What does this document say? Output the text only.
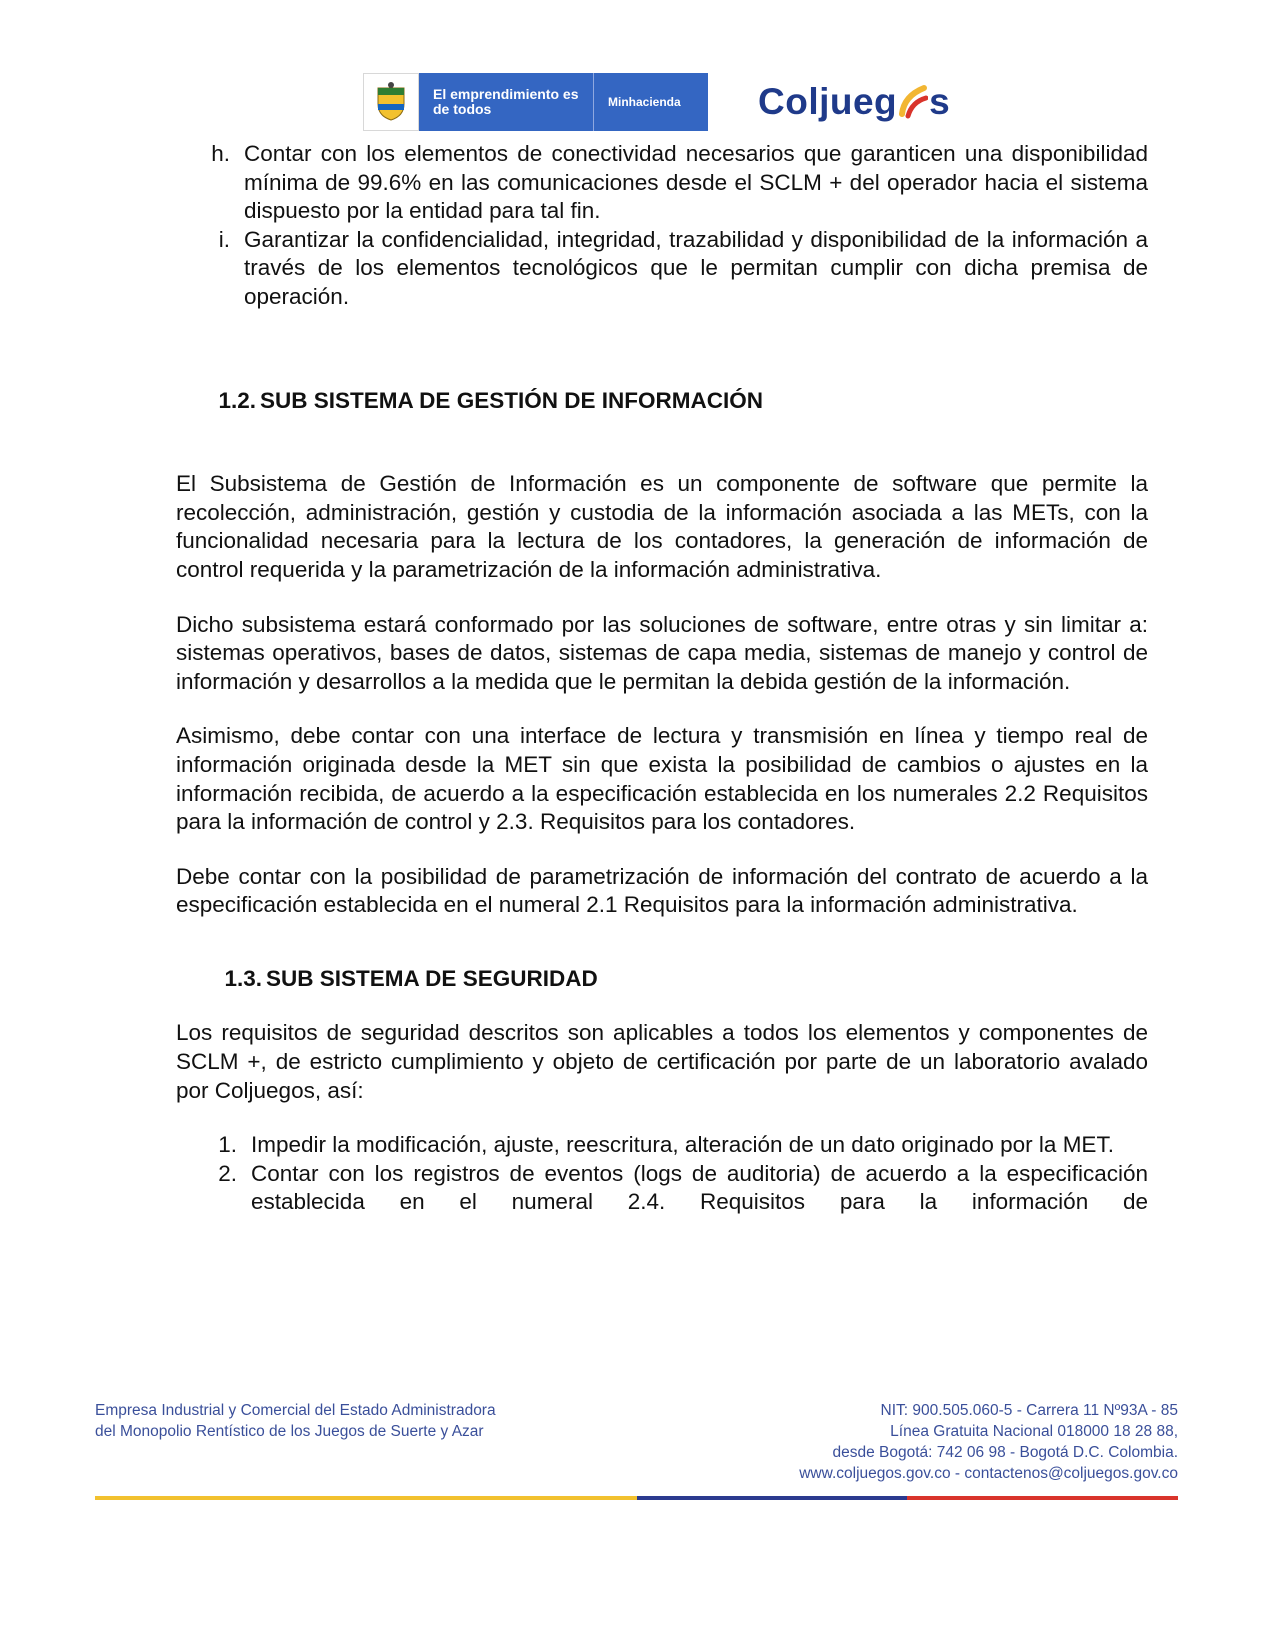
El emprendimiento es de todos	Minhacienda Coljueg s
h. Contar con los elementos de conectividad necesarios que garanticen una disponibilidad mínima de 99.6% en las comunicaciones desde el SCLM + del operador hacia el sistema dispuesto por la entidad para tal fin.
i. Garantizar la confidencialidad, integridad, trazabilidad y disponibilidad de la información a través de los elementos tecnológicos que le permitan cumplir con dicha premisa de operación.
1.2. SUB SISTEMA DE GESTIÓN DE INFORMACIÓN

El Subsistema de Gestión de Información es un componente de software que permite la recolección, administración, gestión y custodia de la información asociada a las METs, con la funcionalidad necesaria para la lectura de los contadores, la generación de información de control requerida y la parametrización de la información administrativa.

Dicho subsistema estará conformado por las soluciones de software, entre otras y sin limitar a: sistemas operativos, bases de datos, sistemas de capa media, sistemas de manejo y control de información y desarrollos a la medida que le permitan la debida gestión de la información.

Asimismo, debe contar con una interface de lectura y transmisión en línea y tiempo real de información originada desde la MET sin que exista la posibilidad de cambios o ajustes en la información recibida, de acuerdo a la especificación establecida en los numerales 2.2 Requisitos para la información de control y 2.3. Requisitos para los contadores.

Debe contar con la posibilidad de parametrización de información del contrato de acuerdo a la especificación establecida en el numeral 2.1 Requisitos para la información administrativa.

1.3. SUB SISTEMA DE SEGURIDAD

Los requisitos de seguridad descritos son aplicables a todos los elementos y componentes de SCLM +, de estricto cumplimiento y objeto de certificación por parte de un laboratorio avalado por Coljuegos, así:

1. Impedir la modificación, ajuste, reescritura, alteración de un dato originado por la MET.
2. Contar con los registros de eventos (logs de auditoria) de acuerdo a la especificación establecida en el numeral 2.4. Requisitos para la información de
Empresa Industrial y Comercial del Estado Administradora
del Monopolio Rentístico de los Juegos de Suerte y Azar
NIT: 900.505.060-5 - Carrera 11 Nº93A - 85
Línea Gratuita Nacional 018000 18 28 88,
desde Bogotá: 742 06 98 - Bogotá D.C. Colombia.
www.coljuegos.gov.co - contactenos@coljuegos.gov.co
